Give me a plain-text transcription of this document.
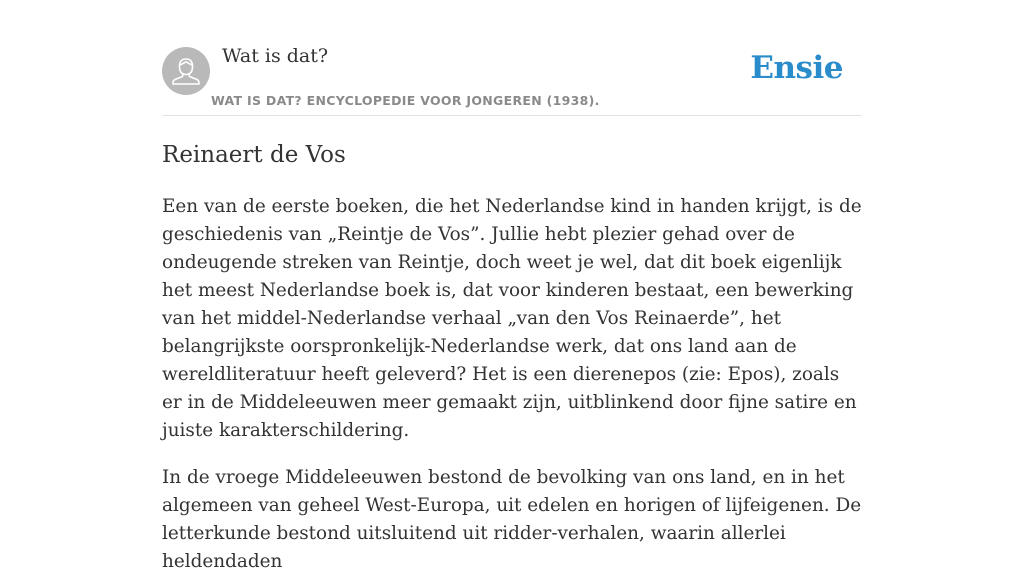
Wat is dat?
WAT IS DAT? ENCYCLOPEDIE VOOR JONGEREN (1938).
Ensie
Reinaert de Vos

Een van de eerste boeken, die het Nederlandse kind in handen krijgt, is de geschiedenis van „Reintje de Vos”. Jullie hebt plezier gehad over de ondeugende streken van Reintje, doch weet je wel, dat dit boek eigenlijk het meest Nederlandse boek is, dat voor kinderen bestaat, een bewerking van het middel-Nederlandse verhaal „van den Vos Reinaerde”, het belangrijkste oorspronkelijk-Nederlandse werk, dat ons land aan de wereldliteratuur heeft geleverd? Het is een dierenepos (zie: Epos), zoals er in de Middeleeuwen meer gemaakt zijn, uitblinkend door fijne satire en juiste karakterschildering.

In de vroege Middeleeuwen bestond de bevolking van ons land, en in het algemeen van geheel West-Europa, uit edelen en horigen of lijfeigenen. De letterkunde bestond uitsluitend uit ridder-verhalen, waarin allerlei heldendaden
